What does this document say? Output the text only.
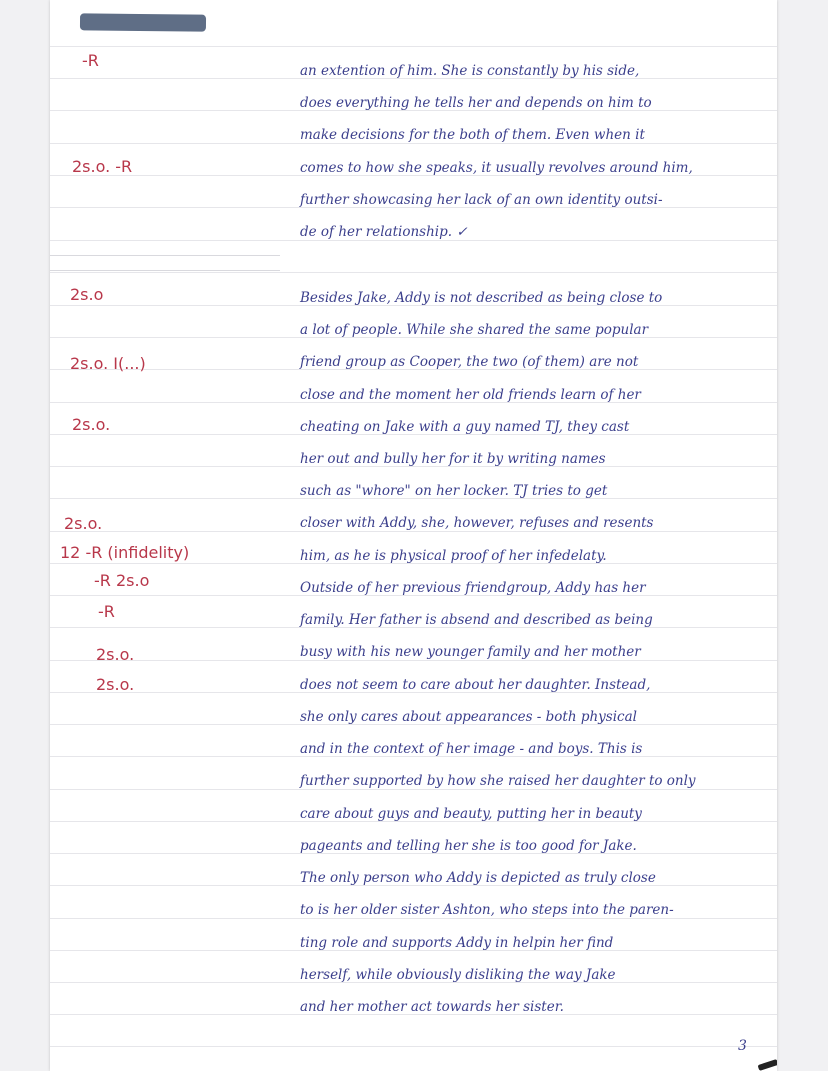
-R
2s.o. -R
2s.o
2s.o. I(...)
2s.o.
2s.o.
12 -R (infidelity)
-R 2s.o
-R
2s.o.
2s.o.
an extention of him. She is constantly by his side,
does everything he tells her and depends on him to
make decisions for the both of them. Even when it
comes to how she speaks, it usually revolves around him,
further showcasing her lack of an own identity outsi-
de of her relationship. ✓
Besides Jake, Addy is not described as being close to
a lot of people. While she shared the same popular
friend group as Cooper, the two (of them) are not
close and the moment her old friends learn of her
cheating on Jake with a guy named TJ, they cast
her out and bully her for it by writing names
such as "whore" on her locker. TJ tries to get
closer with Addy, she, however, refuses and resents
him, as he is physical proof of her infedelaty.
Outside of her previous friendgroup, Addy has her
family. Her father is absend and described as being
busy with his new younger family and her mother
does not seem to care about her daughter. Instead,
she only cares about appearances - both physical
and in the context of her image - and boys. This is
further supported by how she raised her daughter to only
care about guys and beauty, putting her in beauty
pageants and telling her she is too good for Jake.
The only person who Addy is depicted as truly close
to is her older sister Ashton, who steps into the paren-
ting role and supports Addy in helpin her find
herself, while obviously disliking the way Jake
and her mother act towards her sister.
3
